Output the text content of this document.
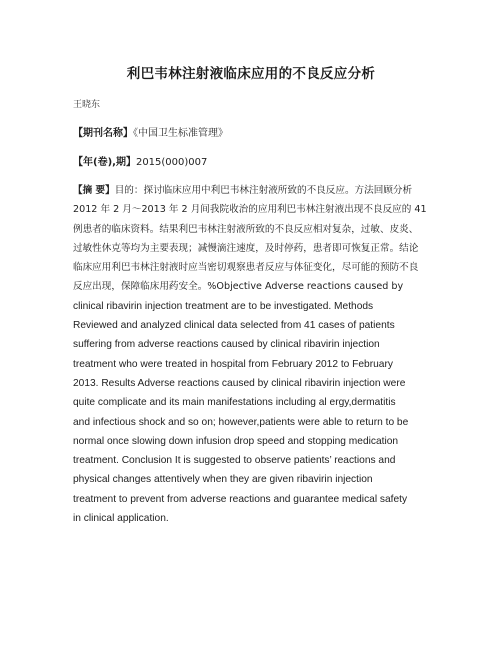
利巴韦林注射液临床应用的不良反应分析
王晓东
【期刊名称】《中国卫生标准管理》
【年(卷),期】2015(000)007
【摘 要】目的：探讨临床应用中利巴韦林注射液所致的不良反应。方法回顾分析
2012 年 2 月～2013 年 2 月间我院收治的应用利巴韦林注射液出现不良反应的 41
例患者的临床资料。结果利巴韦林注射液所致的不良反应相对复杂，过敏、皮炎、
过敏性休克等均为主要表现；减慢滴注速度，及时停药，患者即可恢复正常。结论
临床应用利巴韦林注射液时应当密切观察患者反应与体征变化，尽可能的预防不良
反应出现，保障临床用药安全。%Objective Adverse reactions caused by
clinical ribavirin injection treatment are to be investigated. Methods
Reviewed and analyzed clinical data selected from 41 cases of patients
suffering from adverse reactions caused by clinical ribavirin injection
treatment who were treated in hospital from February 2012 to February
2013. Results Adverse reactions caused by clinical ribavirin injection were
quite complicate and its main manifestations including al ergy,dermatitis
and infectious shock and so on; however,patients were able to return to be
normal once slowing down infusion drop speed and stopping medication
treatment. Conclusion It is suggested to observe patients’ reactions and
physical changes attentively when they are given ribavirin injection
treatment to prevent from adverse reactions and guarantee medical safety
in clinical application.
